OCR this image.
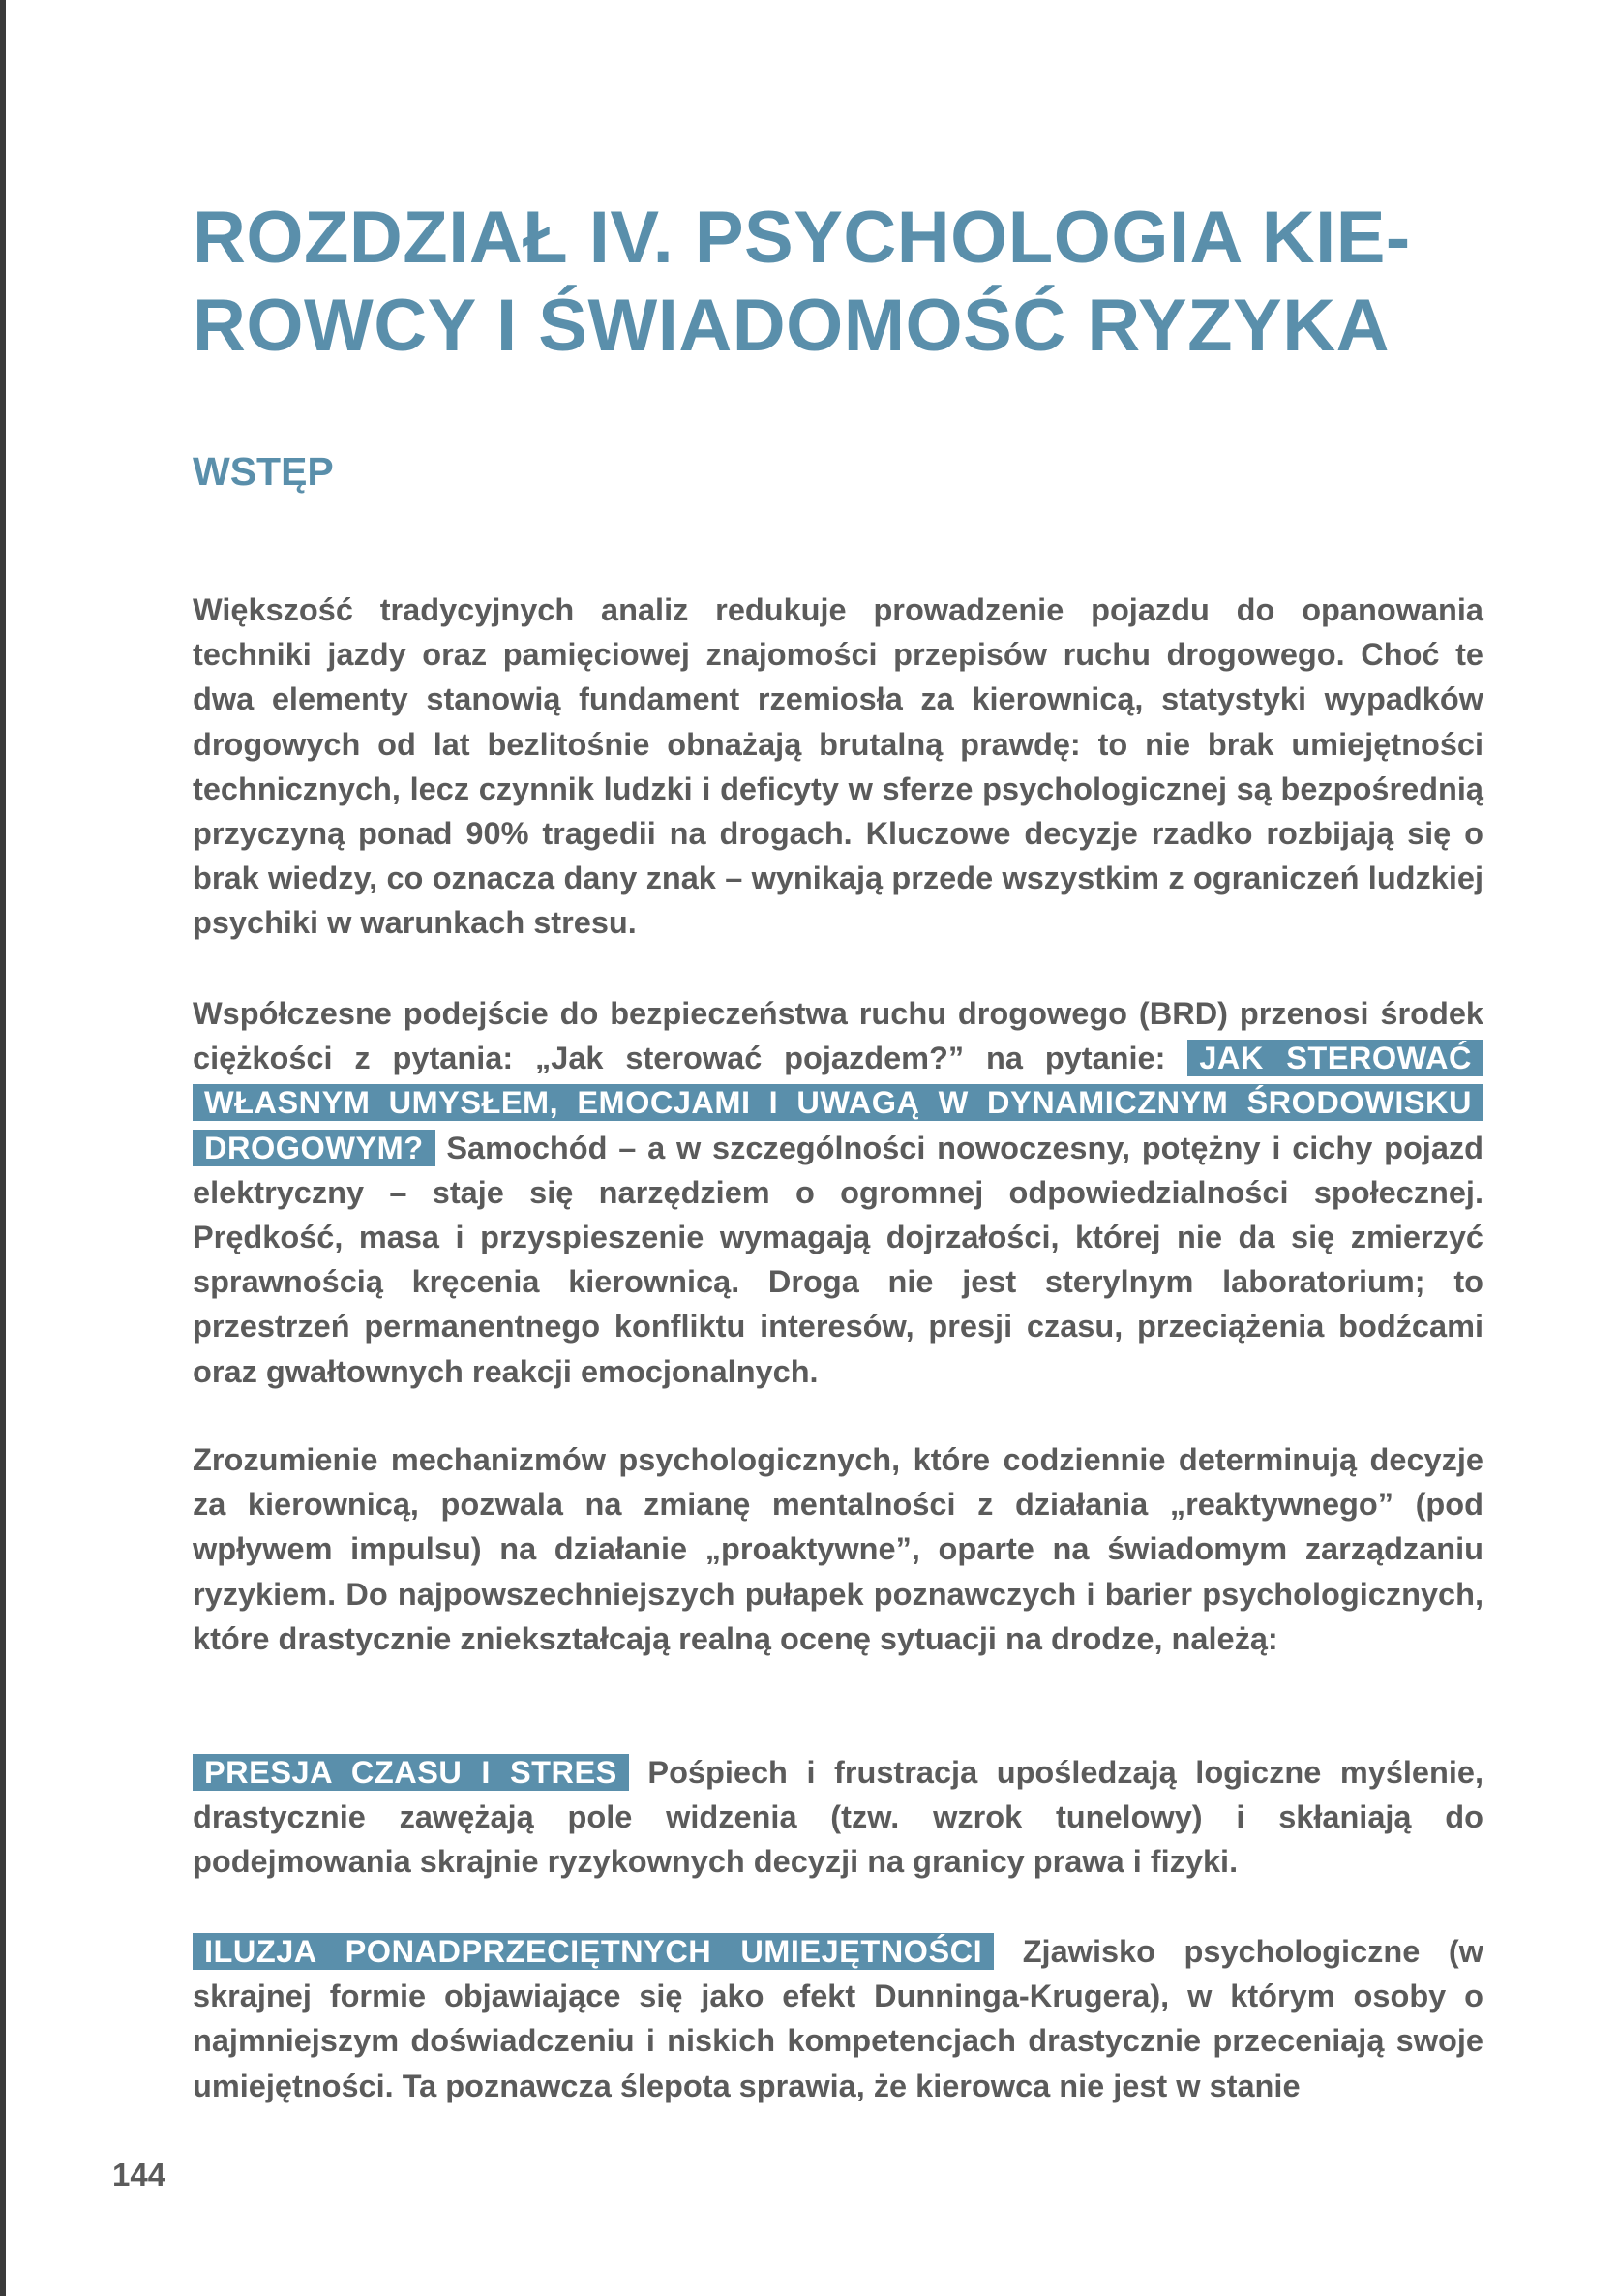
ROZDZIAŁ IV. PSYCHOLOGIA KIE-
ROWCY I ŚWIADOMOŚĆ RYZYKA
WSTĘP

Większość tradycyjnych analiz redukuje prowadzenie pojazdu do opanowania techniki jazdy oraz pamięciowej znajomości przepisów ruchu drogowego. Choć te dwa elementy stanowią fundament rzemiosła za kierownicą, statystyki wypadków drogowych od lat bezlitośnie obnażają brutalną prawdę: to nie brak umiejętności technicznych, lecz czynnik ludzki i deficyty w sferze psychologicznej są bezpośrednią przyczyną ponad 90% tragedii na drogach. Kluczowe decyzje rzadko rozbijają się o brak wiedzy, co oznacza dany znak – wynikają przede wszystkim z ograniczeń ludzkiej psychiki w warunkach stresu.

Współczesne podejście do bezpieczeństwa ruchu drogowego (BRD) przenosi środek ciężkości z pytania: „Jak sterować pojazdem?” na pytanie: JAK STEROWAĆ WŁASNYM UMYSŁEM, EMOCJAMI I UWAGĄ W DYNAMICZNYM ŚRODOWISKU DROGOWYM? Samochód – a w szczególności nowoczesny, potężny i cichy pojazd elektryczny – staje się narzędziem o ogromnej odpowiedzialności społecznej. Prędkość, masa i przyspieszenie wymagają dojrzałości, której nie da się zmierzyć sprawnością kręcenia kierownicą. Droga nie jest sterylnym laboratorium; to przestrzeń permanentnego konfliktu interesów, presji czasu, przeciążenia bodźcami oraz gwałtownych reakcji emocjonalnych.

Zrozumienie mechanizmów psychologicznych, które codziennie determinują decyzje za kierownicą, pozwala na zmianę mentalności z działania „reaktywnego” (pod wpływem impulsu) na działanie „proaktywne”, oparte na świadomym zarządzaniu ryzykiem. Do najpowszechniejszych pułapek poznawczych i barier psychologicznych, które drastycznie zniekształcają realną ocenę sytuacji na drodze, należą:

PRESJA CZASU I STRES Pośpiech i frustracja upośledzają logiczne myślenie, drastycznie zawężają pole widzenia (tzw. wzrok tunelowy) i skłaniają do podejmowania skrajnie ryzykownych decyzji na granicy prawa i fizyki.

ILUZJA PONADPRZECIĘTNYCH UMIEJĘTNOŚCI Zjawisko psychologiczne (w skrajnej formie objawiające się jako efekt Dunninga-Krugera), w którym osoby o najmniejszym doświadczeniu i niskich kompetencjach drastycznie przeceniają swoje umiejętności. Ta poznawcza ślepota sprawia, że kierowca nie jest w stanie

144
